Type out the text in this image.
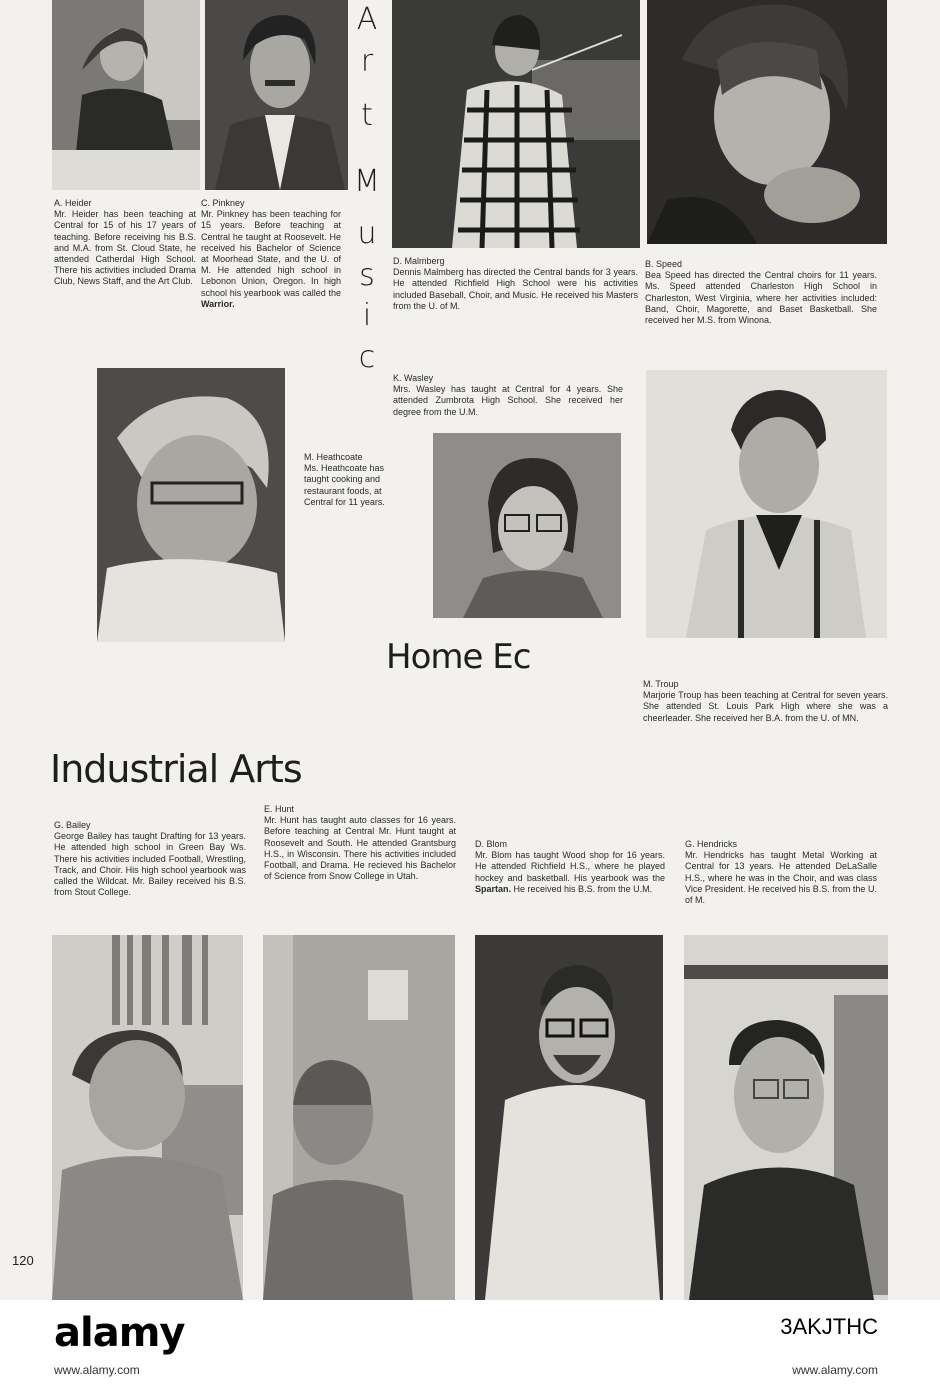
A
r
t
M
u
s
i
c
A. Heider

Mr. Heider has been teaching at Central for 15 of his 17 years of teaching. Before receiving his B.S. and M.A. from St. Cloud State, he attended Catherdal High School. There his activities included Drama Club, News Staff, and the Art Club.

C. Pinkney

Mr. Pinkney has been teaching for 15 years. Before teaching at Central he taught at Roosevelt. He received his Bachelor of Science at Moorhead State, and the U. of M. He attended high school in Lebonon Union, Oregon. In high school his yearbook was called the Warrior.

D. Malmberg

Dennis Malmberg has directed the Central bands for 3 years. He attended Richfield High School were his activities included Baseball, Choir, and Music. He received his Masters from the U. of M.

B. Speed

Bea Speed has directed the Central choirs for 11 years. Ms. Speed attended Charleston High School in Charleston, West Virginia, where her activities included: Band, Choir, Magorette, and Baset Basketball. She received her M.S. from Winona.

K. Wasley

Mrs. Wasley has taught at Central for 4 years. She attended Zumbrota High School. She received her degree from the U.M.

M. Heathcoate

Ms. Heathcoate has taught cooking and restaurant foods, at Central for 11 years.

Home Ec
M. Troup

Marjorie Troup has been teaching at Central for seven years. She attended St. Louis Park High where she was a cheerleader. She received her B.A. from the U. of MN.

Industrial Arts
G. Bailey

George Bailey has taught Drafting for 13 years. He attended high school in Green Bay Ws. There his activities included Football, Wrestling, Track, and Choir. His high school yearbook was called the Wildcat. Mr. Bailey received his B.S. from Stout College.

E. Hunt

Mr. Hunt has taught auto classes for 16 years. Before teaching at Central Mr. Hunt taught at Roosevelt and South. He attended Grantsburg H.S., in Wisconsin. There his activities included Football, and Drama. He recieved his Bachelor of Science from Snow College in Utah.

D. Blom

Mr. Blom has taught Wood shop for 16 years. He attended Richfield H.S., where he played hockey and basketball. His yearbook was the Spartan. He received his B.S. from the U.M.

G. Hendricks

Mr. Hendricks has taught Metal Working at Central for 13 years. He attended DeLaSalle H.S., where he was in the Choir, and was class Vice President. He received his B.S. from the U. of M.

120
alamy	3AKJTHC
www.alamy.com	www.alamy.com
